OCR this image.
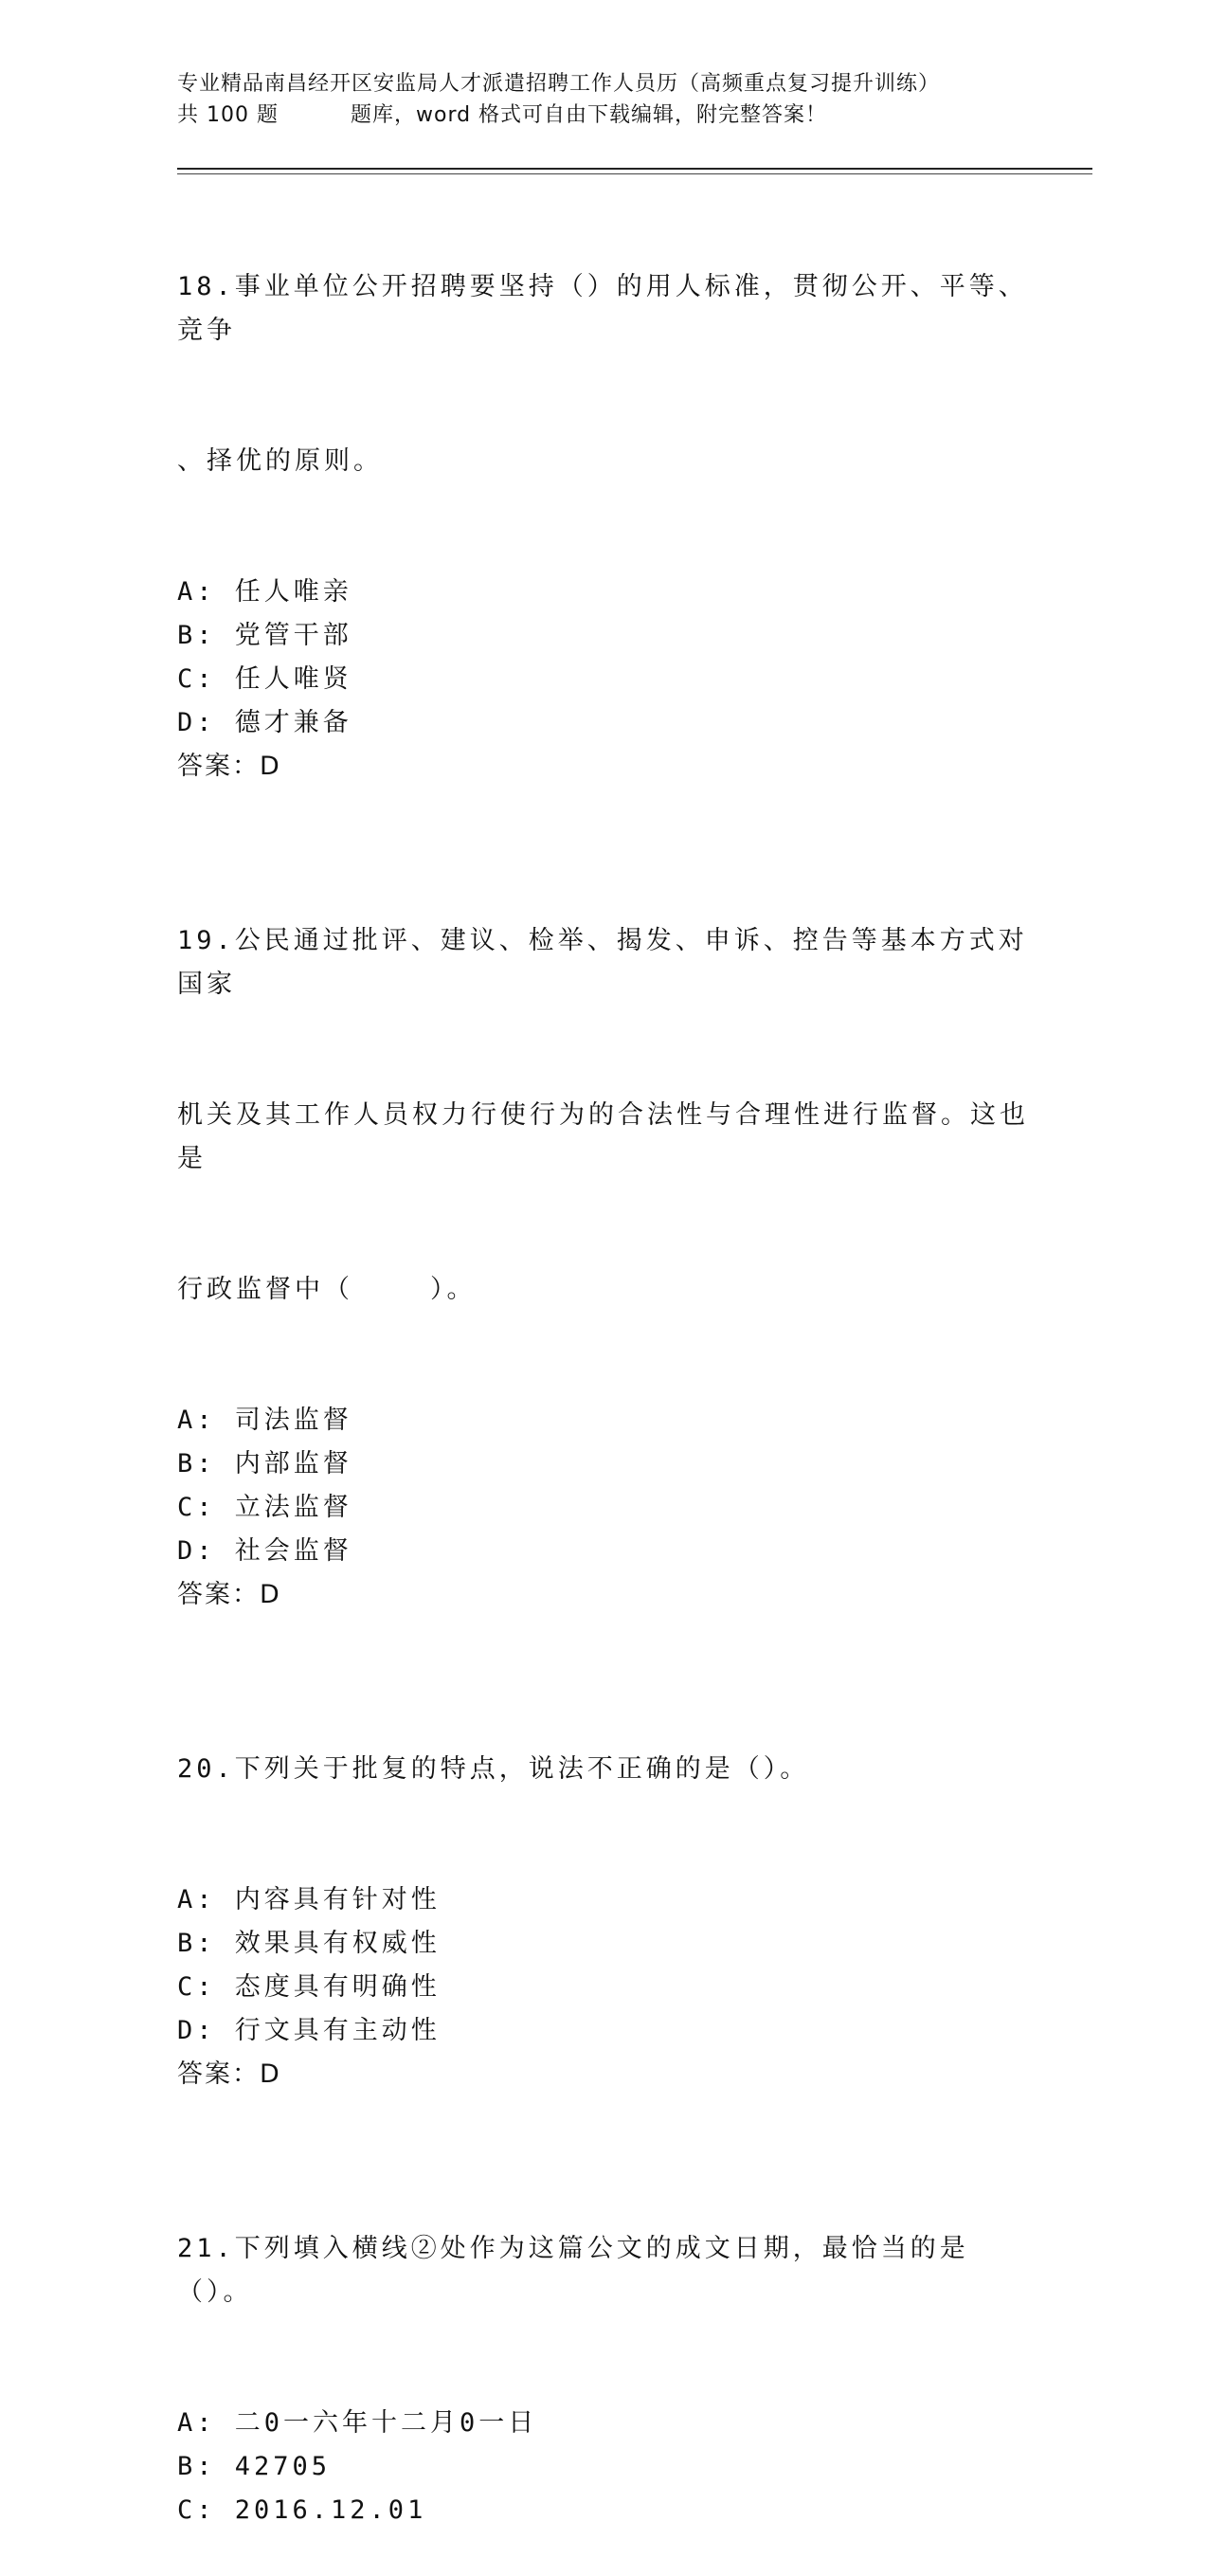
专业精品南昌经开区安监局人才派遣招聘工作人员历（高频重点复习提升训练）
共 100 题	题库，word 格式可自由下载编辑，附完整答案！

18.事业单位公开招聘要坚持（）的用人标准，贯彻公开、平等、竞争

、择优的原则。

A: 任人唯亲
B: 党管干部
C: 任人唯贤
D: 德才兼备
答案：D

19.公民通过批评、建议、检举、揭发、申诉、控告等基本方式对国家

机关及其工作人员权力行使行为的合法性与合理性进行监督。这也是

行政监督中（    ）。

A: 司法监督
B: 内部监督
C: 立法监督
D: 社会监督
答案：D

20.下列关于批复的特点，说法不正确的是（）。

A: 内容具有针对性
B: 效果具有权威性
C: 态度具有明确性
D: 行文具有主动性
答案：D

21.下列填入横线②处作为这篇公文的成文日期，最恰当的是（）。

A: 二0一六年十二月0一日
B: 42705
C: 2016.12.01
